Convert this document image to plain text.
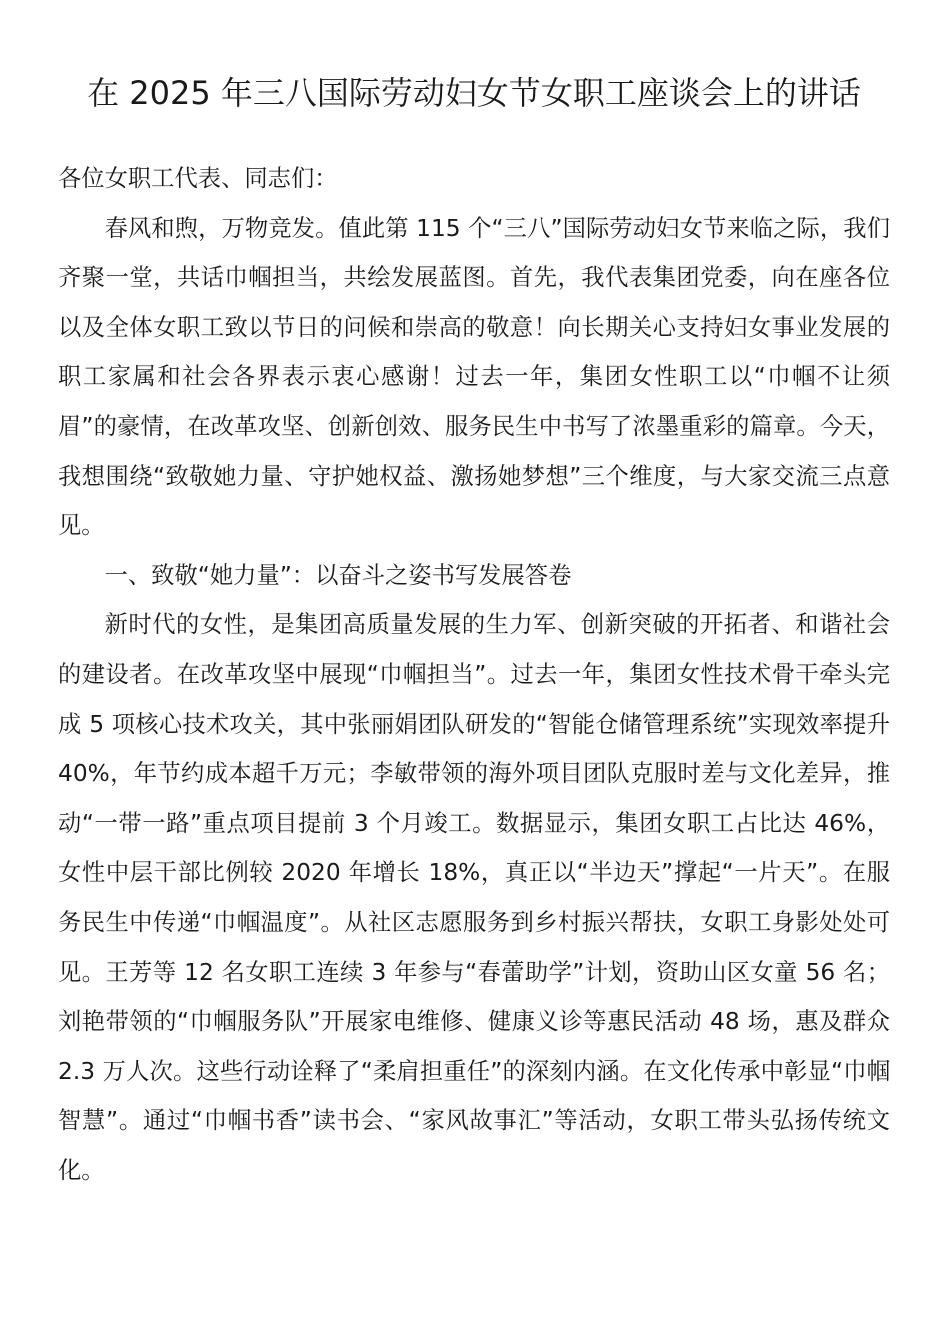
在 2025 年三八国际劳动妇女节女职工座谈会上的讲话

各位女职工代表、同志们：

春风和煦，万物竞发。值此第 115 个“三八”国际劳动妇女节来临之际，我们齐聚一堂，共话巾帼担当，共绘发展蓝图。首先，我代表集团党委，向在座各位以及全体女职工致以节日的问候和崇高的敬意！向长期关心支持妇女事业发展的职工家属和社会各界表示衷心感谢！过去一年，集团女性职工以“巾帼不让须眉”的豪情，在改革攻坚、创新创效、服务民生中书写了浓墨重彩的篇章。今天，我想围绕“致敬她力量、守护她权益、激扬她梦想”三个维度，与大家交流三点意见。

一、致敬“她力量”：以奋斗之姿书写发展答卷

新时代的女性，是集团高质量发展的生力军、创新突破的开拓者、和谐社会的建设者。在改革攻坚中展现“巾帼担当”。过去一年，集团女性技术骨干牵头完成 5 项核心技术攻关，其中张丽娟团队研发的“智能仓储管理系统”实现效率提升 40%，年节约成本超千万元；李敏带领的海外项目团队克服时差与文化差异，推动“一带一路”重点项目提前 3 个月竣工。数据显示，集团女职工占比达 46%，女性中层干部比例较 2020 年增长 18%，真正以“半边天”撑起“一片天”。在服务民生中传递“巾帼温度”。从社区志愿服务到乡村振兴帮扶，女职工身影处处可见。王芳等 12 名女职工连续 3 年参与“春蕾助学”计划，资助山区女童 56 名；刘艳带领的“巾帼服务队”开展家电维修、健康义诊等惠民活动 48 场，惠及群众 2.3 万人次。这些行动诠释了“柔肩担重任”的深刻内涵。在文化传承中彰显“巾帼智慧”。通过“巾帼书香”读书会、“家风故事汇”等活动，女职工带头弘扬传统文化。
